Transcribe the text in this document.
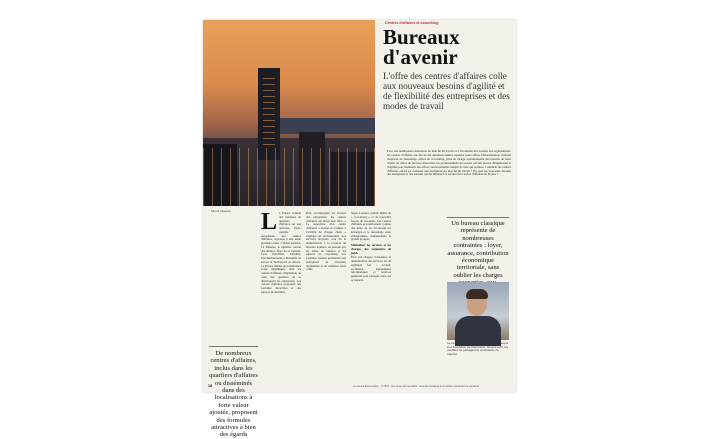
Centres d'affaires et coworking
Bureaux
d'avenir
L'offre des centres d'affaires colle aux nouveaux besoins d'agilité et de flexibilité des entreprises et des modes de travail
Face aux nombreuses mutations du marché du travail et à l'évolution des besoins des organisations, les centres d'affaires ont dû ces dix dernières années repenser leurs offres. Délocalisation, création d'espaces de réseautage, offres de coworking, prise en charge opérationnelle des besoins de leurs clients ou offres de services innovants, les professionnels du secteur ont fait preuve d'ingéniosité et d'agilité pour maintenir des offres concurrentielles malgré la crise qui perdure. Comment les centres d'affaires ont-ils pu s'adapter aux évolutions du marché du travail ? En quoi les nouveaux besoins des entreprises et des salariés ont-ils influencé le secteur des centres d'affaires en France ?
Muriel Vasseur La France compte des centaines de quartiers d'affaires sur son territoire. Paris, capitale européenne des centres d'affaires, regroupe à elle seule plusieurs pôles : l'Ouest parisien, La Défense, le Quartier central des affaires. Hors de la capitale, Lyon Part-Dieu, Euralille, Euroméditerranée à Marseille ou encore la Technopole en Alsace. La France affiche de nombreuses zones dynamiques dont les centres d'affaires s'implantent au cœur des quartiers où se développent les entreprises. Les centres d'affaires proposent des formules attractives et des espaces modulables.
Pour accompagner les besoins des entreprises, les centres d'affaires ont élargi leur offre. « La superficie d'un centre d'affaires a évolué et s'adapte à l'activité de chaque client » explique un professionnel. Les services proposés vont de la domiciliation à la location de bureaux équipés, en passant par les salles de réunion et les espaces de coworking. Ces formules souples permettent aux entreprises de s'installer rapidement et de maîtriser leurs coûts.
Super Connect, parlent même de « coworking » et de nouvelles façons de travailler. Les centres d'affaires se positionnent comme des lieux de vie favorisant les échanges et le réseautage entre entrepreneurs, indépendants et grands groupes.
Mutualiser les services et les charges, des arguments de poids
Face aux charges croissantes, la mutualisation des services est un argument fort : accueil, secrétariat, équipements informatiques et services généraux sont partagés entre les occupants.
De nombreux centres d'affaires, inclus dans les quartiers d'affaires ou disséminés dans des localisations à forte valeur ajoutée, proposent des formules attractives à bien des égards
Un bureau classique représente de nombreuses contraintes : loyer, assurance, contribution économique territoriale, sans oublier les charges
Le centre d'affaires correspond à l'état d'esprit et à l'évolution de l'économie. Depuis avril, les modèles se partagent la croissance du marché.
18	Le nouvel Economiste - n°1816 - Du 13 au 19 mai 2016 - Journal d'analyse & d'opinion paraissant le vendredi
